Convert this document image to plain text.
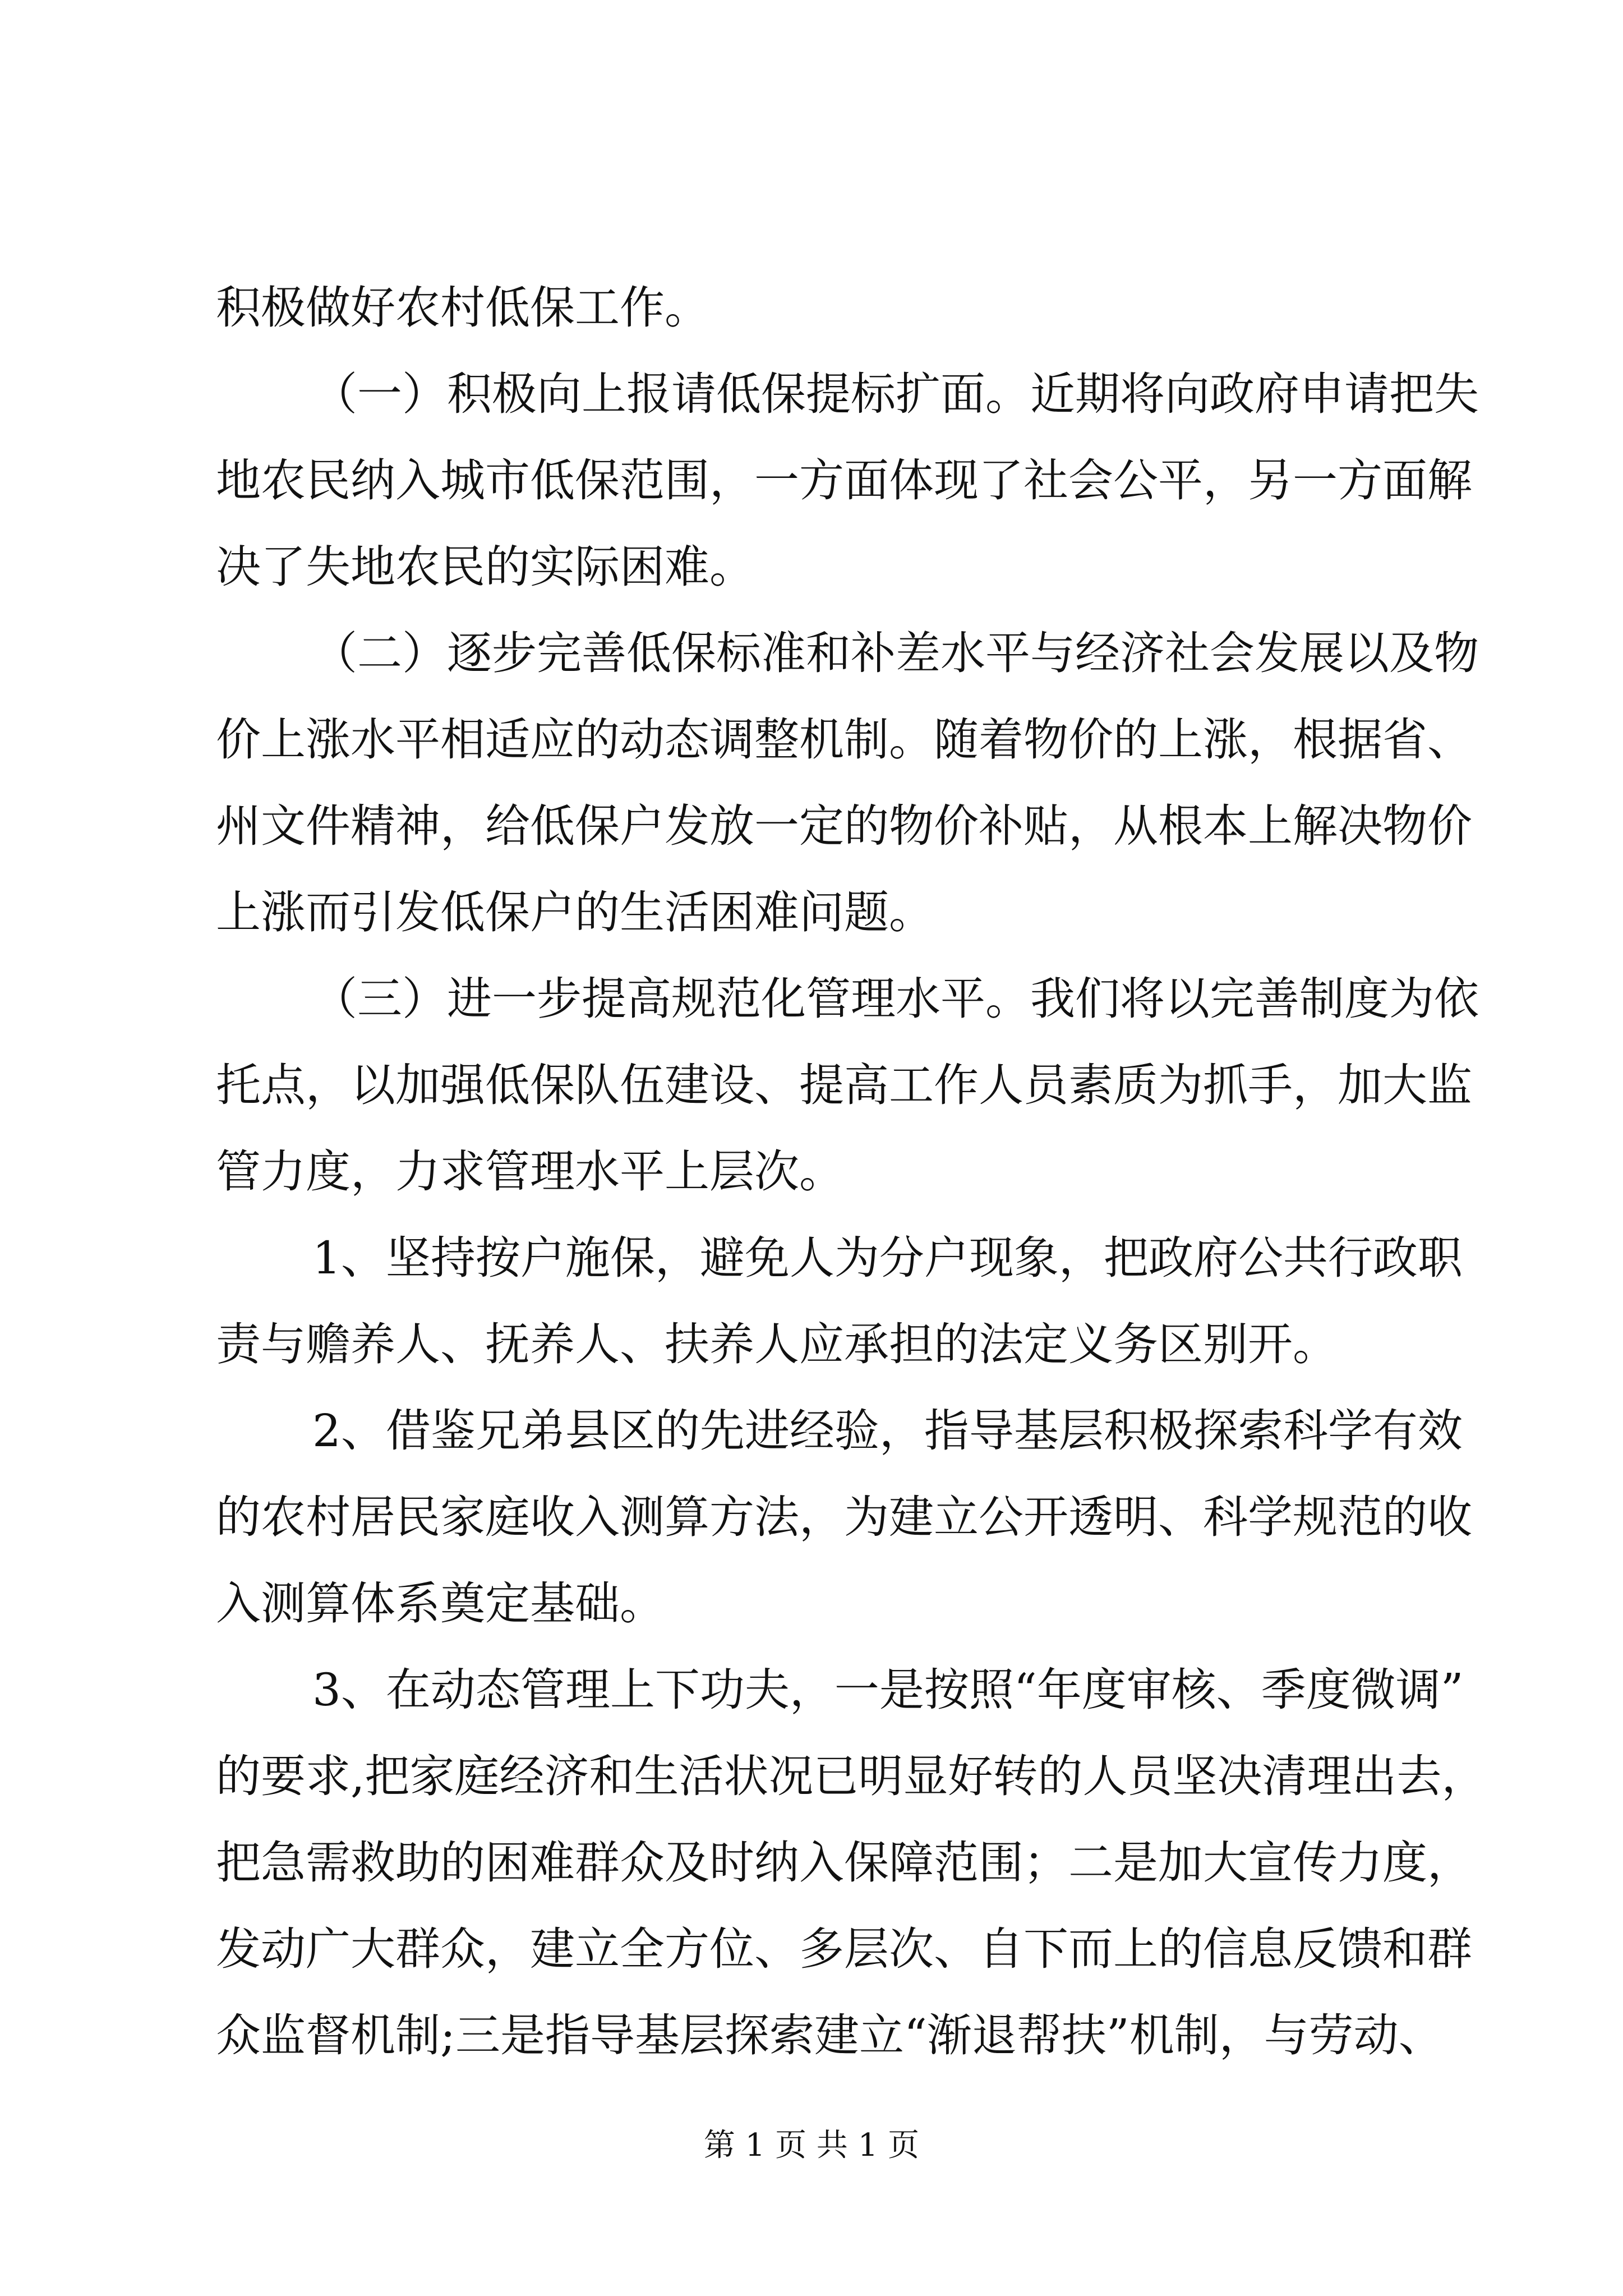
积极做好农村低保工作。
（一）积极向上报请低保提标扩面。近期将向政府申请把失
地农民纳入城市低保范围，一方面体现了社会公平，另一方面解
决了失地农民的实际困难。
（二）逐步完善低保标准和补差水平与经济社会发展以及物
价上涨水平相适应的动态调整机制。随着物价的上涨，根据省、
州文件精神，给低保户发放一定的物价补贴，从根本上解决物价
上涨而引发低保户的生活困难问题。
（三）进一步提高规范化管理水平。我们将以完善制度为依
托点，以加强低保队伍建设、提高工作人员素质为抓手，加大监
管力度，力求管理水平上层次。
1、坚持按户施保，避免人为分户现象，把政府公共行政职
责与赡养人、抚养人、扶养人应承担的法定义务区别开。
2、借鉴兄弟县区的先进经验，指导基层积极探索科学有效
的农村居民家庭收入测算方法，为建立公开透明、科学规范的收
入测算体系奠定基础。
3、在动态管理上下功夫，一是按照“年度审核、季度微调”
的要求,把家庭经济和生活状况已明显好转的人员坚决清理出去，
把急需救助的困难群众及时纳入保障范围；二是加大宣传力度，
发动广大群众，建立全方位、多层次、自下而上的信息反馈和群
众监督机制;三是指导基层探索建立“渐退帮扶”机制，与劳动、
第 1 页 共 1 页
